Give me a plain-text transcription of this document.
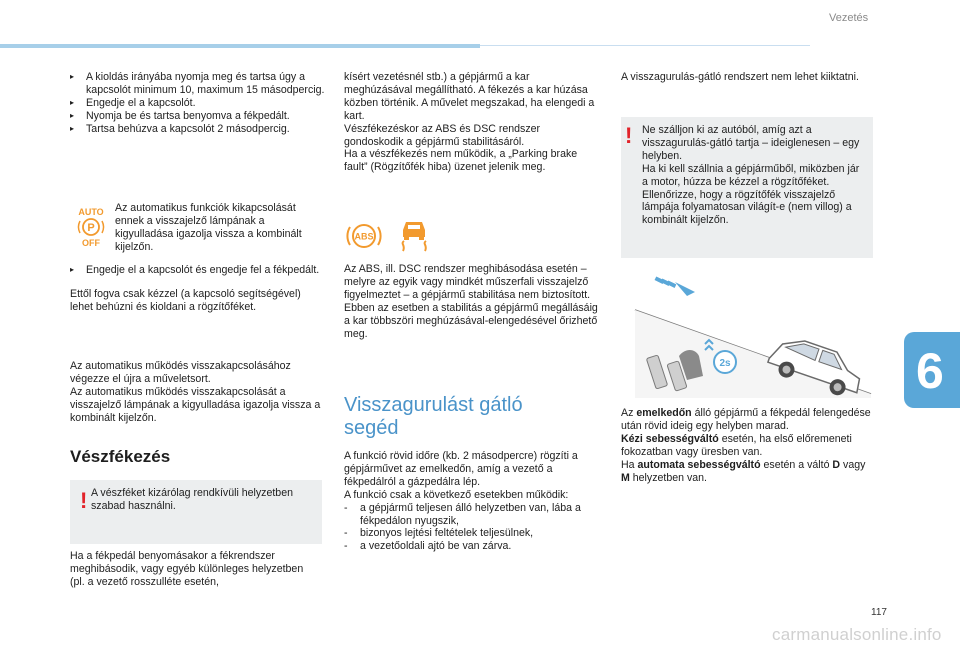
Vezetés
6

▸ A kioldás irányába nyomja meg és tartsa úgy a kapcsolót minimum 10, maximum 15 másodpercig.

▸ Engedje el a kapcsolót.

▸ Nyomja be és tartsa benyomva a fékpedált.

▸ Tartsa behúzva a kapcsolót 2 másodpercig.

AUTO
P
OFF
Az automatikus funkciók kikapcsolását ennek a visszajelző lámpának a kigyulladása igazolja vissza a kombinált kijelzőn.

▸ Engedje el a kapcsolót és engedje fel a fékpedált.

Ettől fogva csak kézzel (a kapcsoló segítségével) lehet behúzni és kioldani a rögzítőféket.

Az automatikus működés visszakapcsolásához végezze el újra a műveletsort.

Az automatikus működés visszakapcsolását a visszajelző lámpának a kigyulladása igazolja vissza a kombinált kijelzőn.

Vészfékezés
! A vészféket kizárólag rendkívüli helyzetben szabad használni.
Ha a fékpedál benyomásakor a fékrendszer meghibásodik, vagy egyéb különleges helyzetben (pl. a vezető rosszulléte esetén,

kísért vezetésnél stb.) a gépjármű a kar meghúzásával megállítható. A fékezés a kar húzása közben történik. A művelet megszakad, ha elengedi a kart.

Vészfékezéskor az ABS és DSC rendszer gondoskodik a gépjármű stabilitásáról.

Ha a vészfékezés nem működik, a „Parking brake fault” (Rögzítőfék hiba) üzenet jelenik meg.

ABS

Az ABS, ill. DSC rendszer meghibásodása esetén – melyre az egyik vagy mindkét műszerfali visszajelző figyelmeztet – a gépjármű stabilitása nem biztosított.

Ebben az esetben a stabilitás a gépjármű megállásáig a kar többszöri meghúzásával-elengedésével őrizhető meg.

Visszagurulást gátló segéd

A funkció rövid időre (kb. 2 másodpercre) rögzíti a gépjárművet az emelkedőn, amíg a vezető a fékpedálról a gázpedálra lép.

A funkció csak a következő esetekben működik:

- a gépjármű teljesen álló helyzetben van, lába a fékpedálon nyugszik,

- bizonyos lejtési feltételek teljesülnek,

- a vezetőoldali ajtó be van zárva.

A visszagurulás-gátló rendszert nem lehet kiiktatni.
! Ne szálljon ki az autóból, amíg azt a visszagurulás-gátló tartja – ideiglenesen – egy helyben.

Ha ki kell szállnia a gépjárműből, miközben jár a motor, húzza be kézzel a rögzítőféket. Ellenőrizze, hogy a rögzítőfék visszajelző lámpája folyamatosan világít-e (nem villog) a kombinált kijelzőn.

2s

Az emelkedőn álló gépjármű a fékpedál felengedése után rövid ideig egy helyben marad.

Kézi sebességváltó esetén, ha első előremeneti fokozatban vagy üresben van.

Ha automata sebességváltó esetén a váltó D vagy M helyzetben van.

117
carmanualsonline.info
